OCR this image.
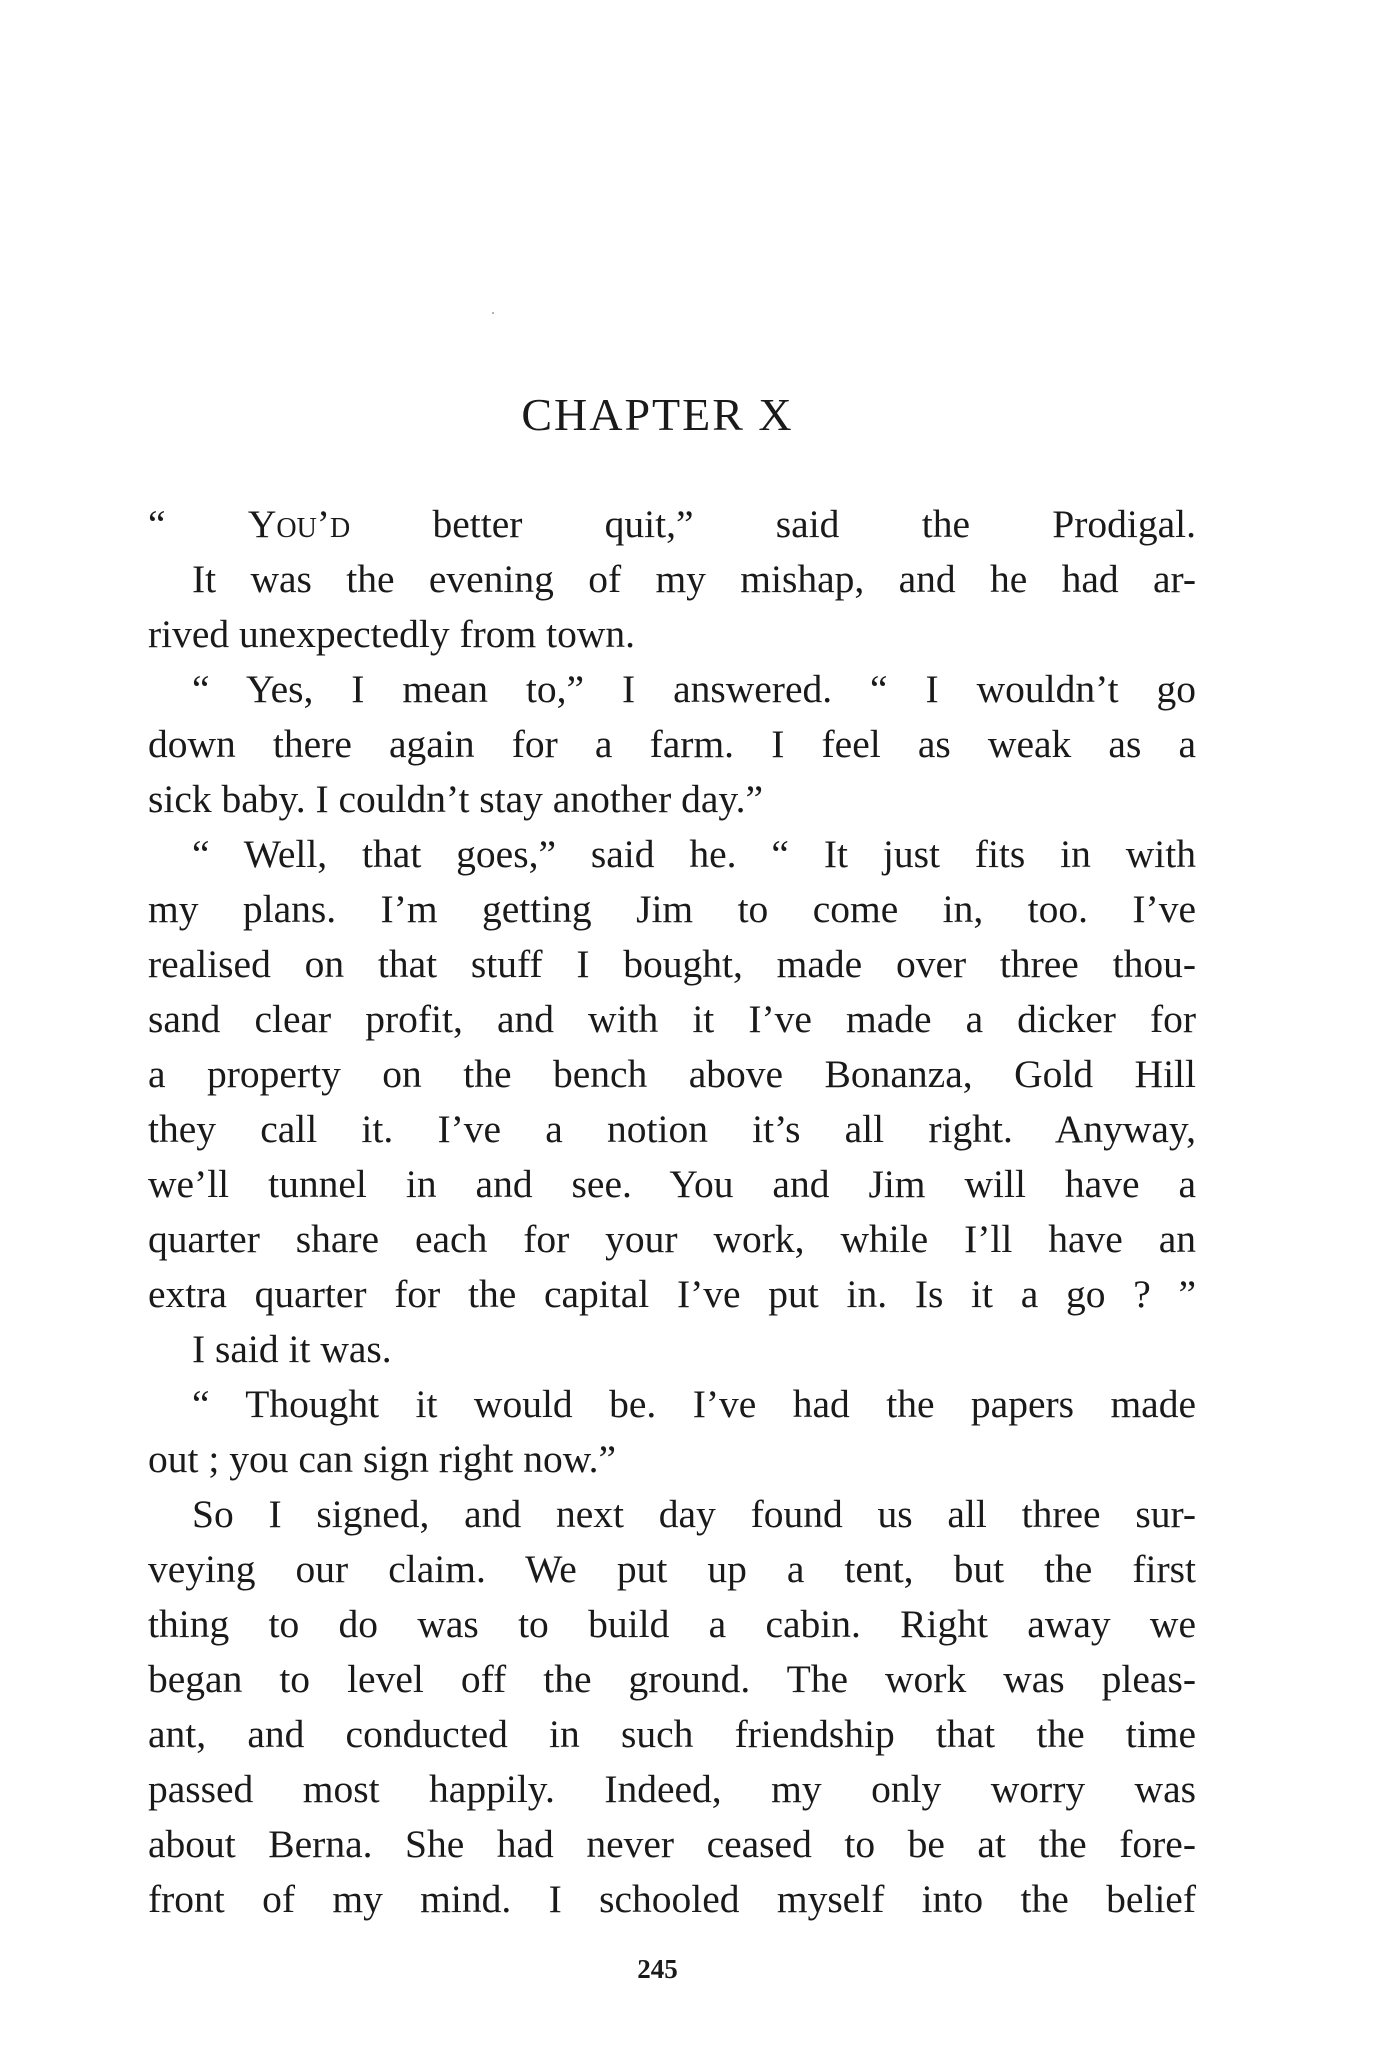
CHAPTER X
“ You’d better quit,” said the Prodigal.
It was the evening of my mishap, and he had ar-
rived unexpectedly from town.
“ Yes, I mean to,” I answered. “ I wouldn’t go
down there again for a farm. I feel as weak as a
sick baby. I couldn’t stay another day.”
“ Well, that goes,” said he. “ It just fits in with
my plans. I’m getting Jim to come in, too. I’ve
realised on that stuff I bought, made over three thou-
sand clear profit, and with it I’ve made a dicker for
a property on the bench above Bonanza, Gold Hill
they call it. I’ve a notion it’s all right. Anyway,
we’ll tunnel in and see. You and Jim will have a
quarter share each for your work, while I’ll have an
extra quarter for the capital I’ve put in. Is it a go ? ”
I said it was.
“ Thought it would be. I’ve had the papers made
out ; you can sign right now.”
So I signed, and next day found us all three sur-
veying our claim. We put up a tent, but the first
thing to do was to build a cabin. Right away we
began to level off the ground. The work was pleas-
ant, and conducted in such friendship that the time
passed most happily. Indeed, my only worry was
about Berna. She had never ceased to be at the fore-
front of my mind. I schooled myself into the belief
245
